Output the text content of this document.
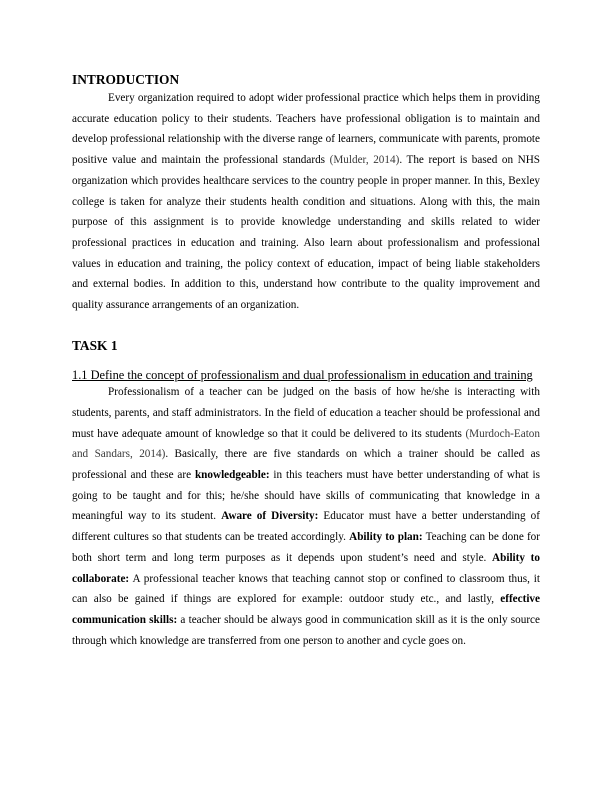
INTRODUCTION

Every organization required to adopt wider professional practice which helps them in providing accurate education policy to their students. Teachers have professional obligation is to maintain and develop professional relationship with the diverse range of learners, communicate with parents, promote positive value and maintain the professional standards (Mulder, 2014). The report is based on NHS organization which provides healthcare services to the country people in proper manner. In this, Bexley college is taken for analyze their students health condition and situations. Along with this, the main purpose of this assignment is to provide knowledge understanding and skills related to wider professional practices in education and training. Also learn about professionalism and professional values in education and training, the policy context of education, impact of being liable stakeholders and external bodies. In addition to this, understand how contribute to the quality improvement and quality assurance arrangements of an organization.

TASK 1

1.1 Define the concept of professionalism and dual professionalism in education and training

Professionalism of a teacher can be judged on the basis of how he/she is interacting with students, parents, and staff administrators. In the field of education a teacher should be professional and must have adequate amount of knowledge so that it could be delivered to its students (Murdoch-Eaton and Sandars, 2014). Basically, there are five standards on which a trainer should be called as professional and these are knowledgeable: in this teachers must have better understanding of what is going to be taught and for this; he/she should have skills of communicating that knowledge in a meaningful way to its student. Aware of Diversity: Educator must have a better understanding of different cultures so that students can be treated accordingly. Ability to plan: Teaching can be done for both short term and long term purposes as it depends upon student’s need and style. Ability to collaborate: A professional teacher knows that teaching cannot stop or confined to classroom thus, it can also be gained if things are explored for example: outdoor study etc., and lastly, effective communication skills: a teacher should be always good in communication skill as it is the only source through which knowledge are transferred from one person to another and cycle goes on.
